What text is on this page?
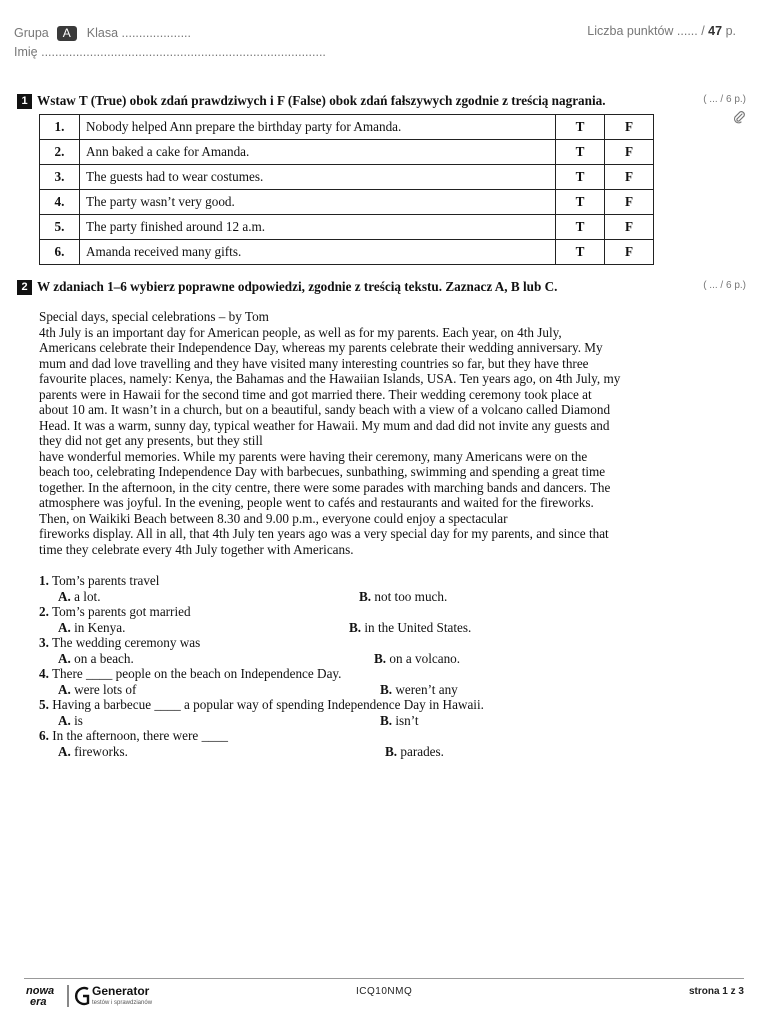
Grupa A Klasa ....................
Imię ..................................................................................
Liczba punktów ...... / 47 p.
1 Wstaw T (True) obok zdań prawdziwych i F (False) obok zdań fałszywych zgodnie z treścią nagrania.	( ... / 6 p.)
1.	Nobody helped Ann prepare the birthday party for Amanda.	T	F
2.	Ann baked a cake for Amanda.	T	F
3.	The guests had to wear costumes.	T	F
4.	The party wasn’t very good.	T	F
5.	The party finished around 12 a.m.	T	F
6.	Amanda received many gifts.	T	F
2 W zdaniach 1–6 wybierz poprawne odpowiedzi, zgodnie z treścią tekstu. Zaznacz A, B lub C.	( ... / 6 p.)
Special days, special celebrations – by Tom
4th July is an important day for American people, as well as for my parents. Each year, on 4th July,
Americans celebrate their Independence Day, whereas my parents celebrate their wedding anniversary. My
mum and dad love travelling and they have visited many interesting countries so far, but they have three
favourite places, namely: Kenya, the Bahamas and the Hawaiian Islands, USA. Ten years ago, on 4th July, my
parents were in Hawaii for the second time and got married there. Their wedding ceremony took place at
about 10 am. It wasn’t in a church, but on a beautiful, sandy beach with a view of a volcano called Diamond
Head. It was a warm, sunny day, typical weather for Hawaii. My mum and dad did not invite any guests and
they did not get any presents, but they still
have wonderful memories. While my parents were having their ceremony, many Americans were on the
beach too, celebrating Independence Day with barbecues, sunbathing, swimming and spending a great time
together. In the afternoon, in the city centre, there were some parades with marching bands and dancers. The
atmosphere was joyful. In the evening, people went to cafés and restaurants and waited for the fireworks.
Then, on Waikiki Beach between 8.30 and 9.00 p.m., everyone could enjoy a spectacular
fireworks display. All in all, that 4th July ten years ago was a very special day for my parents, and since that
time they celebrate every 4th July together with Americans.
1. Tom’s parents travel
A. a lot.	B. not too much.
2. Tom’s parents got married
A. in Kenya.	B. in the United States.
3. The wedding ceremony was
A. on a beach.	B. on a volcano.
4. There ____ people on the beach on Independence Day.
A. were lots of	B. weren’t any
5. Having a barbecue ____ a popular way of spending Independence Day in Hawaii.
A. is	B. isn’t
6. In the afternoon, there were ____
A. fireworks.	B. parades.
nowa
era
Generator
testów i sprawdzianów
ICQ10NMQ	strona 1 z 3
